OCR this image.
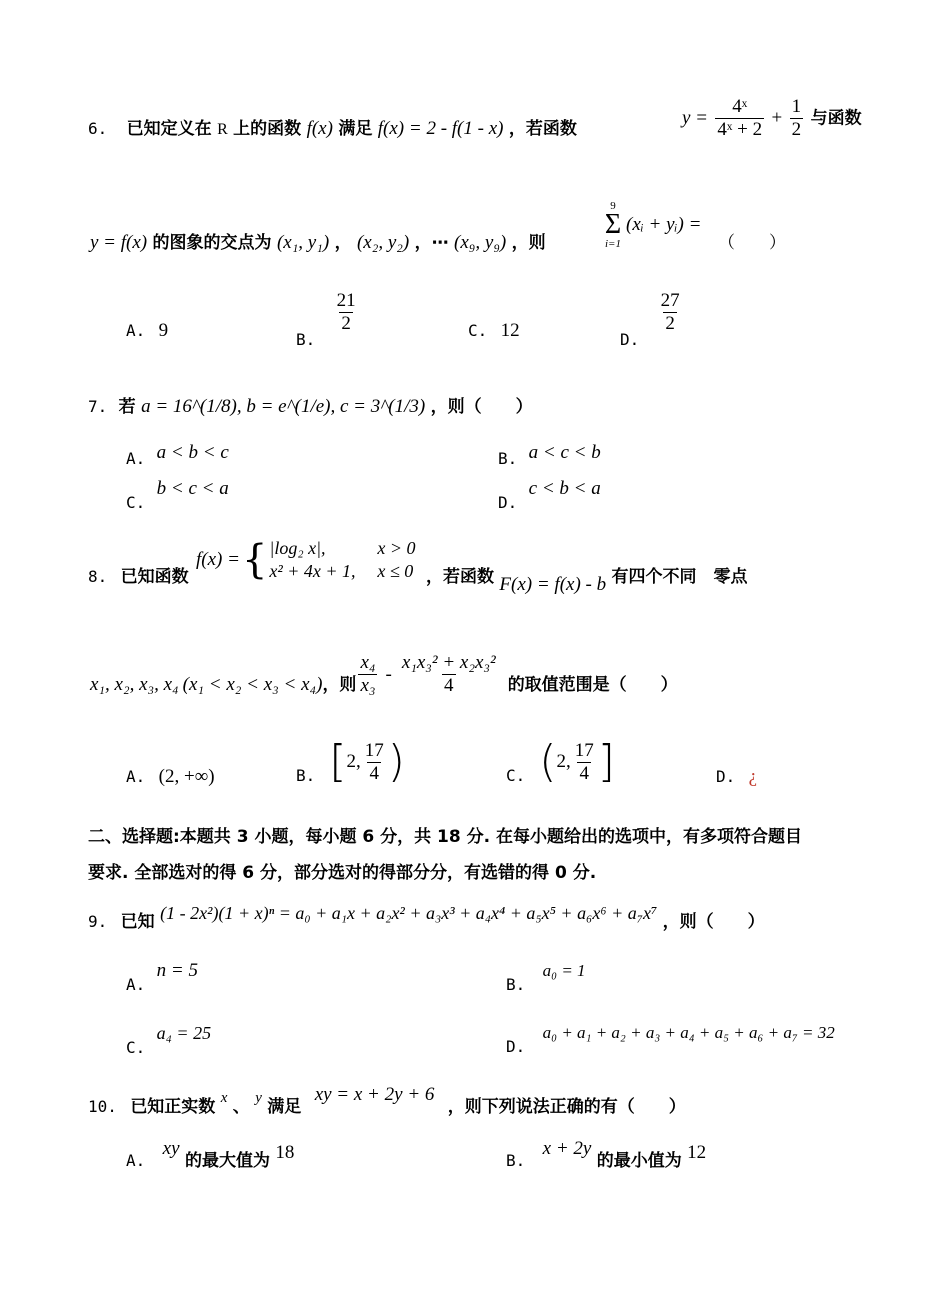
6. 已知定义在 R 上的函数 f(x) 满足 f(x) = 2 - f(1 - x) ，若函数
$y = \frac{\text{4ˣ}}{\text{4ˣ + 2}} + \frac{1}{2}$ 与函数
y = f(x) 的图象的交点为 (x₁, y₁) ， (x₂, y₂) ，⋯ (x₉, y₉) ，则
9
Σ
i=1
(xᵢ + yᵢ) =
（　　）
A. 9	B.
$\frac{21}{2}$	C. 12	D.
$\frac{27}{2}$
7. 若 a = 16^(1/8), b = e^(1/e), c = 3^(1/3) ，则（　　）
A. a < b < c	B. a < c < b
C. b < c < a
D. c < b < a
8. 已知函数
f(x) = { |log₂ x|,	x > 0
x² + 4x + 1,	x ≤ 0 ，若函数 F(x) = f(x) - b 有四个不同　零点
x₁, x₂, x₃, x₄ (x₁ < x₂ < x₃ < x₄) ，则 $\frac{\text{x₄}}{\text{x₃}} - \frac{\text{x₁x₃² + x₂x₃²}}{4}$ 的取值范围是（　　）
A. (2, +∞)	B. [ 2, $\frac{17}{4}$ )	C. ( 2, $\frac{17}{4}$ ]	D. ¿
二、选择题:本题共 3 小题，每小题 6 分，共 18 分. 在每小题给出的选项中，有多项符合题目
要求. 全部选对的得 6 分，部分选对的得部分分，有选错的得 0 分.
9. 已知 (1 - 2x²)(1 + x)ⁿ = a₀ + a₁x + a₂x² + a₃x³ + a₄x⁴ + a₅x⁵ + a₆x⁶ + a₇x⁷ ，则（　　）
A. n = 5
B. a₀ = 1
C. a₄ = 25
D. a₀ + a₁ + a₂ + a₃ + a₄ + a₅ + a₆ + a₇ = 32
10. 已知正实数 x 、 y 满足 xy = x + 2y + 6 ，则下列说法正确的有（　　）
A. xy 的最大值为 18	B. x + 2y 的最小值为 12
